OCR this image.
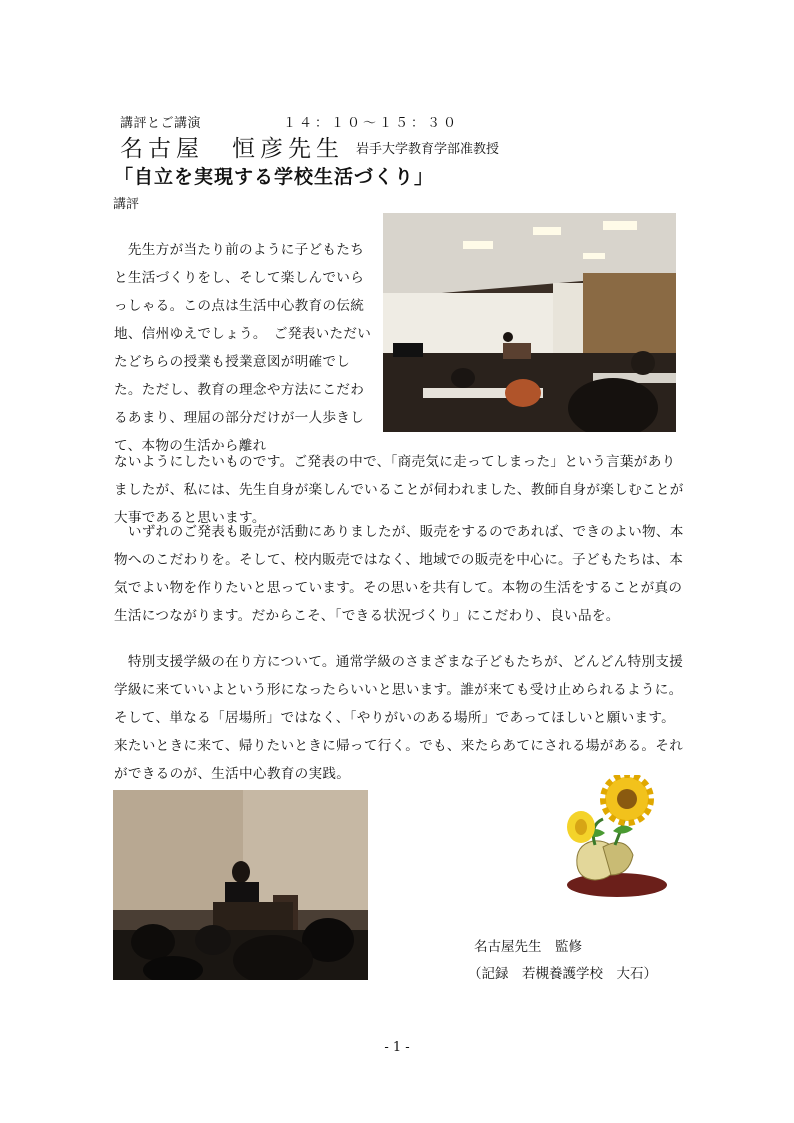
講評とご講演	１４：１０～１５：３０
名古屋　恒彦先生 岩手大学教育学部准教授
「自立を実現する学校生活づくり」
講評
　先生方が当たり前のように子どもたちと生活づくりをし、そして楽しんでいらっしゃる。この点は生活中心教育の伝統地、信州ゆえでしょう。　ご発表いただいたどちらの授業も授業意図が明確でした。ただし、教育の理念や方法にこだわるあまり、理屈の部分だけが一人歩きして、本物の生活から離れ
ないようにしたいものです。ご発表の中で、「商売気に走ってしまった」という言葉がありましたが、私には、先生自身が楽しんでいることが伺われました、教師自身が楽しむことが大事であると思います。
　いずれのご発表も販売が活動にありましたが、販売をするのであれば、できのよい物、本物へのこだわりを。そして、校内販売ではなく、地域での販売を中心に。子どもたちは、本気でよい物を作りたいと思っています。その思いを共有して。本物の生活をすることが真の生活につながります。だからこそ、「できる状況づくり」にこだわり、良い品を。
　特別支援学級の在り方について。通常学級のさまざまな子どもたちが、どんどん特別支援学級に来ていいよという形になったらいいと思います。誰が来ても受け止められるように。そして、単なる「居場所」ではなく、「やりがいのある場所」であってほしいと願います。来たいときに来て、帰りたいときに帰って行く。でも、来たらあてにされる場がある。それができるのが、生活中心教育の実践。
名古屋先生　監修
（記録　若槻養護学校　大石）
- 1 -
